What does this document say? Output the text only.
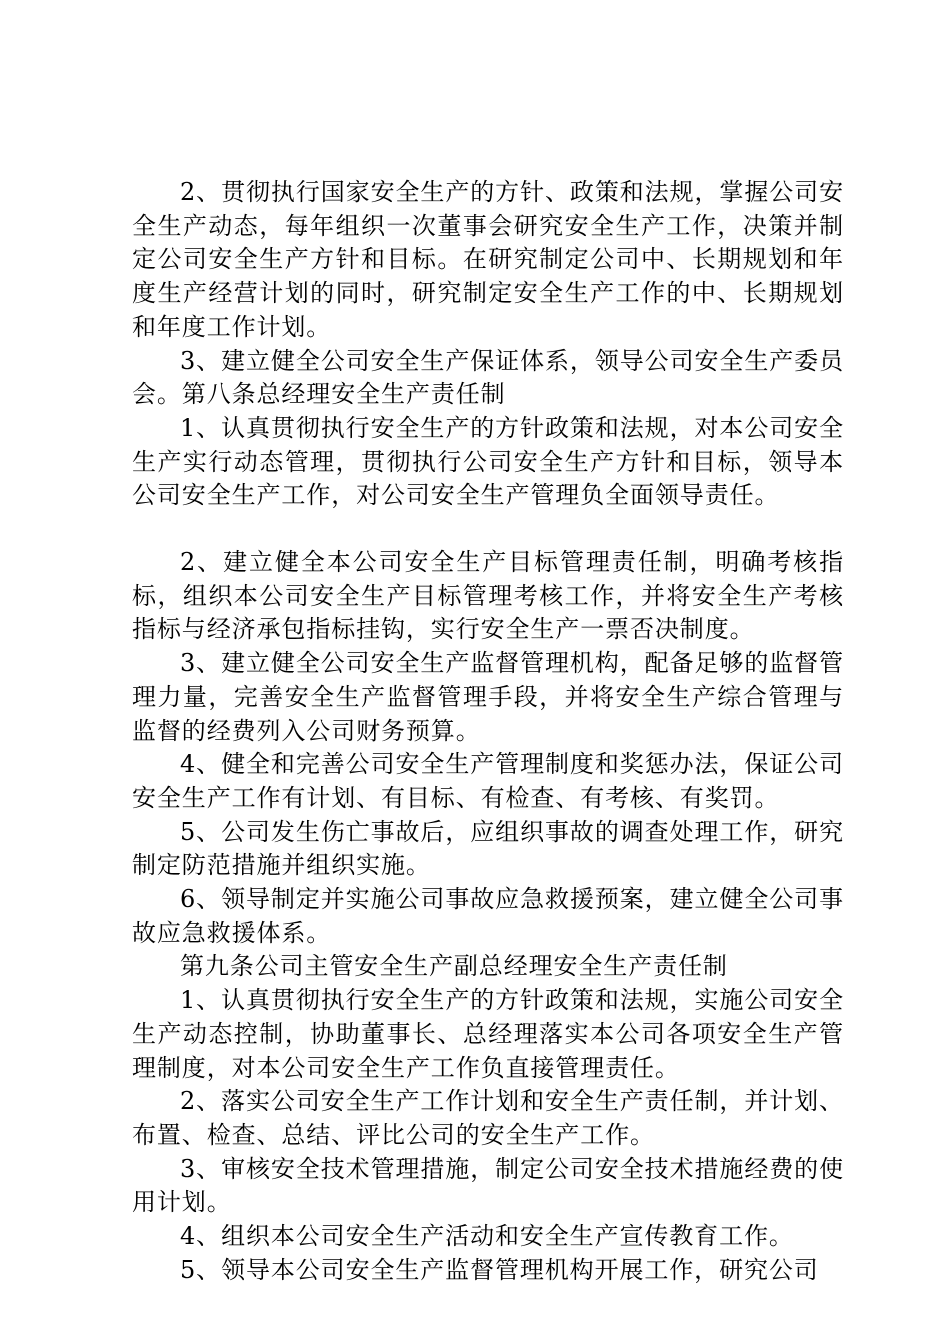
2、贯彻执行国家安全生产的方针、政策和法规，掌握公司安全生产动态，每年组织一次董事会研究安全生产工作，决策并制定公司安全生产方针和目标。在研究制定公司中、长期规划和年度生产经营计划的同时，研究制定安全生产工作的中、长期规划和年度工作计划。

3、建立健全公司安全生产保证体系，领导公司安全生产委员会。第八条总经理安全生产责任制

1、认真贯彻执行安全生产的方针政策和法规，对本公司安全生产实行动态管理，贯彻执行公司安全生产方针和目标，领导本公司安全生产工作，对公司安全生产管理负全面领导责任。

2、建立健全本公司安全生产目标管理责任制，明确考核指标，组织本公司安全生产目标管理考核工作，并将安全生产考核指标与经济承包指标挂钩，实行安全生产一票否决制度。

3、建立健全公司安全生产监督管理机构，配备足够的监督管理力量，完善安全生产监督管理手段，并将安全生产综合管理与监督的经费列入公司财务预算。

4、健全和完善公司安全生产管理制度和奖惩办法，保证公司安全生产工作有计划、有目标、有检查、有考核、有奖罚。

5、公司发生伤亡事故后，应组织事故的调查处理工作，研究制定防范措施并组织实施。

6、领导制定并实施公司事故应急救援预案，建立健全公司事故应急救援体系。

第九条公司主管安全生产副总经理安全生产责任制

1、认真贯彻执行安全生产的方针政策和法规，实施公司安全生产动态控制，协助董事长、总经理落实本公司各项安全生产管理制度，对本公司安全生产工作负直接管理责任。

2、落实公司安全生产工作计划和安全生产责任制，并计划、布置、检查、总结、评比公司的安全生产工作。

3、审核安全技术管理措施，制定公司安全技术措施经费的使用计划。

4、组织本公司安全生产活动和安全生产宣传教育工作。

5、领导本公司安全生产监督管理机构开展工作，研究公司
